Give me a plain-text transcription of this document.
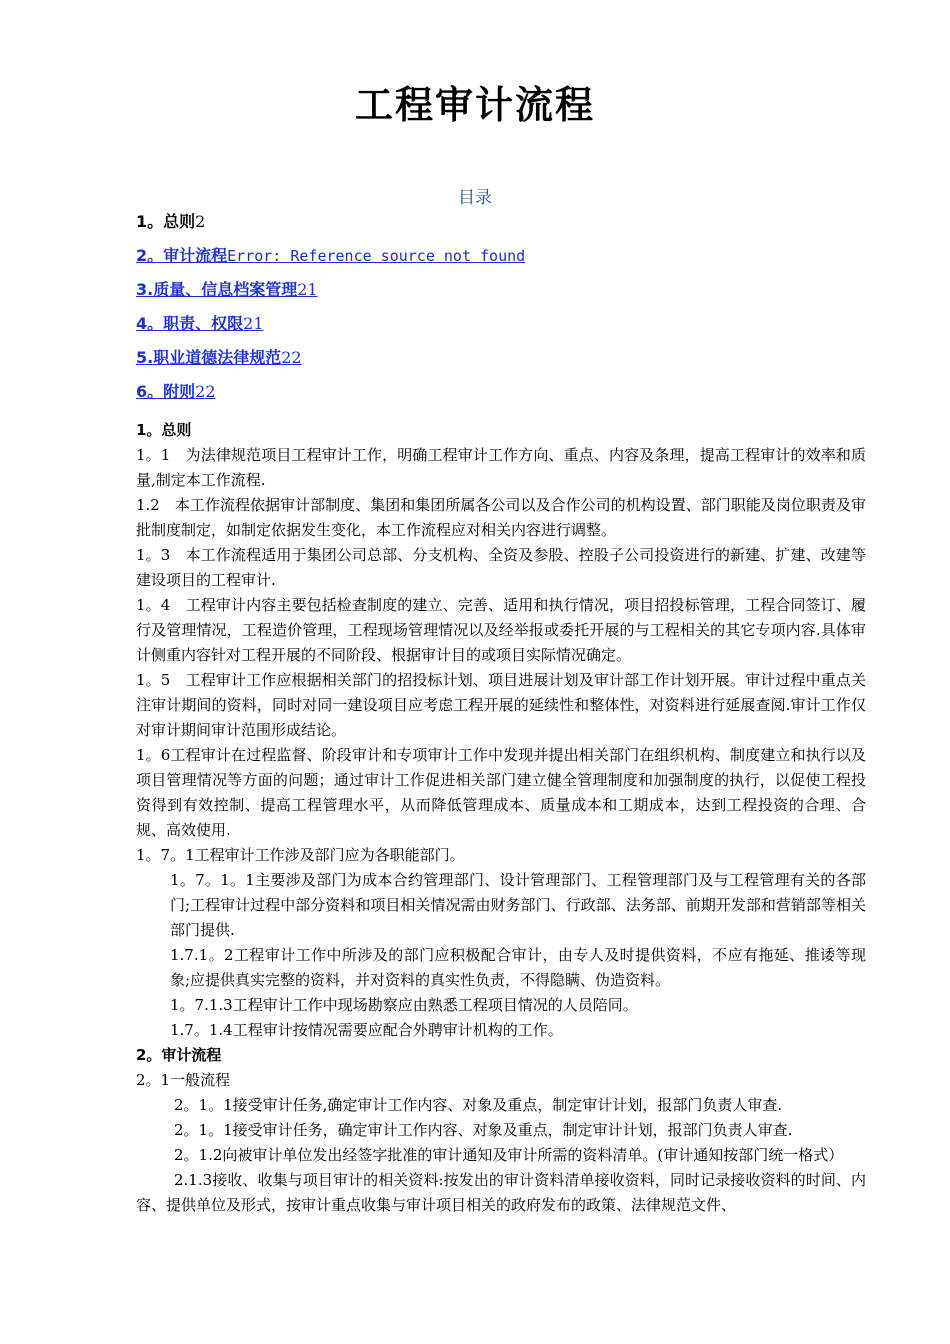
工程审计流程
目录
1。总则2
2。审计流程Error: Reference source not found
3.质量、信息档案管理21
4。职责、权限21
5.职业道德法律规范22
6。附则22

1。总则

1。1　为法律规范项目工程审计工作，明确工程审计工作方向、重点、内容及条理，提高工程审计的效率和质量,制定本工作流程.

1.2　本工作流程依据审计部制度、集团和集团所属各公司以及合作公司的机构设置、部门职能及岗位职责及审批制度制定，如制定依据发生变化，本工作流程应对相关内容进行调整。

1。3　本工作流程适用于集团公司总部、分支机构、全资及参股、控股子公司投资进行的新建、扩建、改建等建设项目的工程审计.

1。4　工程审计内容主要包括检查制度的建立、完善、适用和执行情况，项目招投标管理，工程合同签订、履行及管理情况，工程造价管理，工程现场管理情况以及经举报或委托开展的与工程相关的其它专项内容.具体审计侧重内容针对工程开展的不同阶段、根据审计目的或项目实际情况确定。

1。5　工程审计工作应根据相关部门的招投标计划、项目进展计划及审计部工作计划开展。审计过程中重点关注审计期间的资料，同时对同一建设项目应考虑工程开展的延续性和整体性，对资料进行延展查阅.审计工作仅对审计期间审计范围形成结论。

1。6工程审计在过程监督、阶段审计和专项审计工作中发现并提出相关部门在组织机构、制度建立和执行以及项目管理情况等方面的问题；通过审计工作促进相关部门建立健全管理制度和加强制度的执行，以促使工程投资得到有效控制、提高工程管理水平，从而降低管理成本、质量成本和工期成本，达到工程投资的合理、合规、高效使用.

1。7。1工程审计工作涉及部门应为各职能部门。

1。7。1。1主要涉及部门为成本合约管理部门、设计管理部门、工程管理部门及与工程管理有关的各部门;工程审计过程中部分资料和项目相关情况需由财务部门、行政部、法务部、前期开发部和营销部等相关部门提供.

1.7.1。2工程审计工作中所涉及的部门应积极配合审计，由专人及时提供资料，不应有拖延、推诿等现象;应提供真实完整的资料，并对资料的真实性负责，不得隐瞒、伪造资料。

1。7.1.3工程审计工作中现场勘察应由熟悉工程项目情况的人员陪同。

1.7。1.4工程审计按情况需要应配合外聘审计机构的工作。

2。审计流程

2。1一般流程

2。1。1接受审计任务,确定审计工作内容、对象及重点，制定审计计划，报部门负责人审查.

2。1。1接受审计任务，确定审计工作内容、对象及重点，制定审计计划，报部门负责人审查.

2。1.2向被审计单位发出经签字批准的审计通知及审计所需的资料清单。(审计通知按部门统一格式）

2.1.3接收、收集与项目审计的相关资料:按发出的审计资料清单接收资料，同时记录接收资料的时间、内容、提供单位及形式，按审计重点收集与审计项目相关的政府发布的政策、法律规范文件、
